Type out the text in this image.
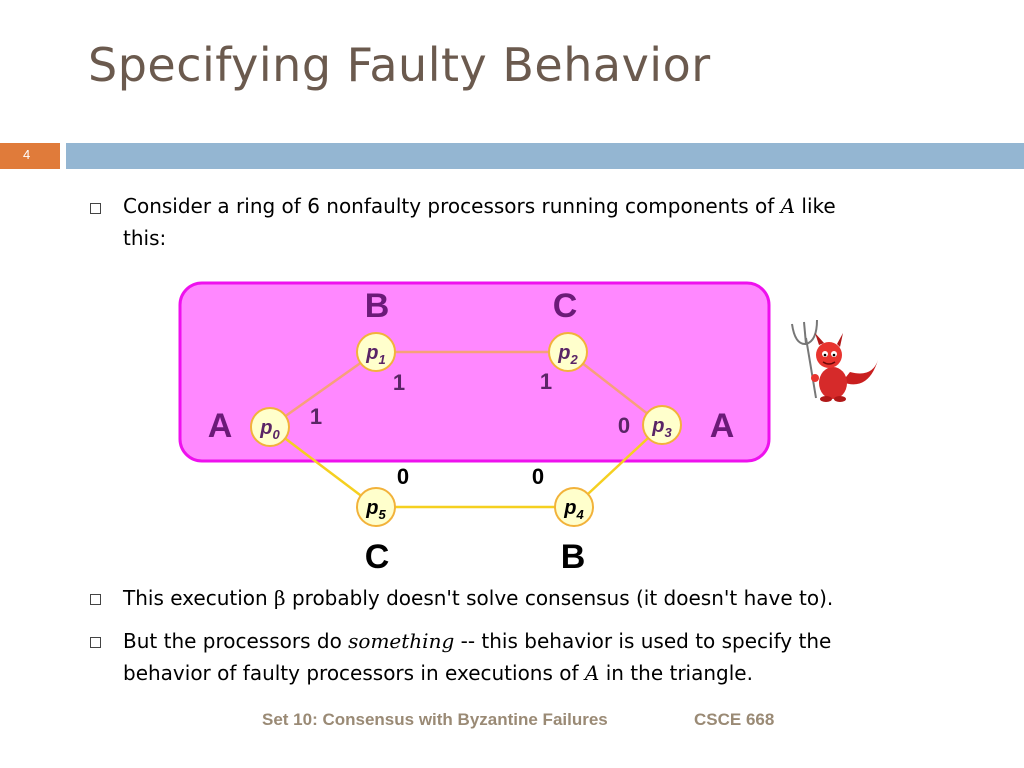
Specifying Faulty Behavior
4
Consider a ring of 6 nonfaulty processors running components of A like
this:
$p_0$
$p_1$	$p_2$
$p_3$
$p_4$
$p_5$
B	C
A	A
C	B
1	1
1	0
0	0
This execution β probably doesn't solve consensus (it doesn't have to).
But the processors do something -- this behavior is used to specify the
behavior of faulty processors in executions of A in the triangle.
Set 10: Consensus with Byzantine Failures	CSCE 668
